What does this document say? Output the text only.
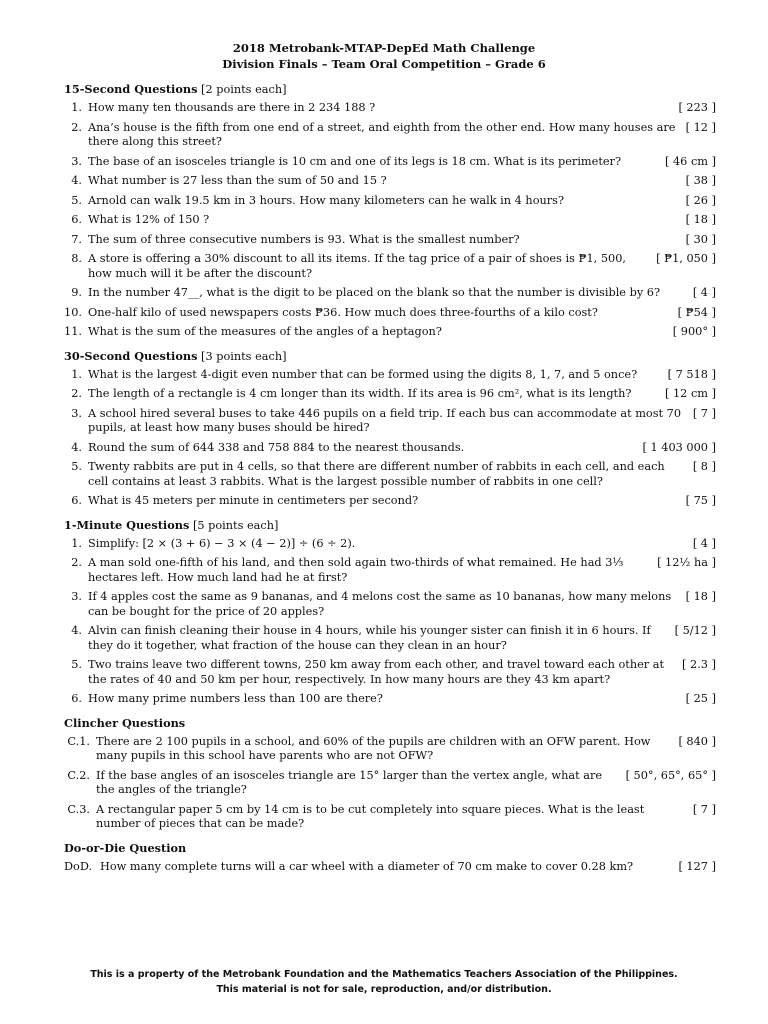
2018 Metrobank-MTAP-DepEd Math Challenge
Division Finals – Team Oral Competition – Grade 6
15-Second Questions [2 points each]
1.	[ 223 ]
How many ten thousands are there in 2 234 188 ?
2.	[ 12 ]
Ana’s house is the fifth from one end of a street, and eighth from the other end. How many houses are there along this street?
3.	[ 46 cm ]
The base of an isosceles triangle is 10 cm and one of its legs is 18 cm. What is its perimeter?
4.	[ 38 ]
What number is 27 less than the sum of 50 and 15 ?
5.	[ 26 ]
Arnold can walk 19.5 km in 3 hours. How many kilometers can he walk in 4 hours?
6.	[ 18 ]
What is 12% of 150 ?
7.	[ 30 ]
The sum of three consecutive numbers is 93. What is the smallest number?
8.	[ ₱1, 050 ]
A store is offering a 30% discount to all its items. If the tag price of a pair of shoes is ₱1, 500, how much will it be after the discount?
9.	[ 4 ]
In the number 47__, what is the digit to be placed on the blank so that the number is divisible by 6?
10.	[ ₱54 ]
One-half kilo of used newspapers costs ₱36. How much does three-fourths of a kilo cost?
11.	[ 900° ]
What is the sum of the measures of the angles of a heptagon?
30-Second Questions [3 points each]
1.	[ 7 518 ]
What is the largest 4-digit even number that can be formed using the digits 8, 1, 7, and 5 once?
2.	[ 12 cm ]
The length of a rectangle is 4 cm longer than its width. If its area is 96 cm², what is its length?
3.	[ 7 ]
A school hired several buses to take 446 pupils on a field trip. If each bus can accommodate at most 70 pupils, at least how many buses should be hired?
4.	[ 1 403 000 ]
Round the sum of 644 338 and 758 884 to the nearest thousands.
5.	[ 8 ]
Twenty rabbits are put in 4 cells, so that there are different number of rabbits in each cell, and each cell contains at least 3 rabbits. What is the largest possible number of rabbits in one cell?
6.	[ 75 ]
What is 45 meters per minute in centimeters per second?
1-Minute Questions [5 points each]
1.	[ 4 ]
Simplify: [2 × (3 + 6) − 3 × (4 − 2)] ÷ (6 ÷ 2).
2.	[ 12½ ha ]
A man sold one-fifth of his land, and then sold again two-thirds of what remained. He had 3⅓ hectares left. How much land had he at first?
3.	[ 18 ]
If 4 apples cost the same as 9 bananas, and 4 melons cost the same as 10 bananas, how many melons can be bought for the price of 20 apples?
4.	[ 5/12 ]
Alvin can finish cleaning their house in 4 hours, while his younger sister can finish it in 6 hours. If they do it together, what fraction of the house can they clean in an hour?
5.	[ 2.3 ]
Two trains leave two different towns, 250 km away from each other, and travel toward each other at the rates of 40 and 50 km per hour, respectively. In how many hours are they 43 km apart?
6.	[ 25 ]
How many prime numbers less than 100 are there?
Clincher Questions
C.1.	[ 840 ]
There are 2 100 pupils in a school, and 60% of the pupils are children with an OFW parent. How many pupils in this school have parents who are not OFW?
C.2.	[ 50°, 65°, 65° ]
If the base angles of an isosceles triangle are 15° larger than the vertex angle, what are the angles of the triangle?
C.3.	[ 7 ]
A rectangular paper 5 cm by 14 cm is to be cut completely into square pieces. What is the least number of pieces that can be made?
Do-or-Die Question
DoD.	[ 127 ]
How many complete turns will a car wheel with a diameter of 70 cm make to cover 0.28 km?
This is a property of the Metrobank Foundation and the Mathematics Teachers Association of the Philippines.
This material is not for sale, reproduction, and/or distribution.
